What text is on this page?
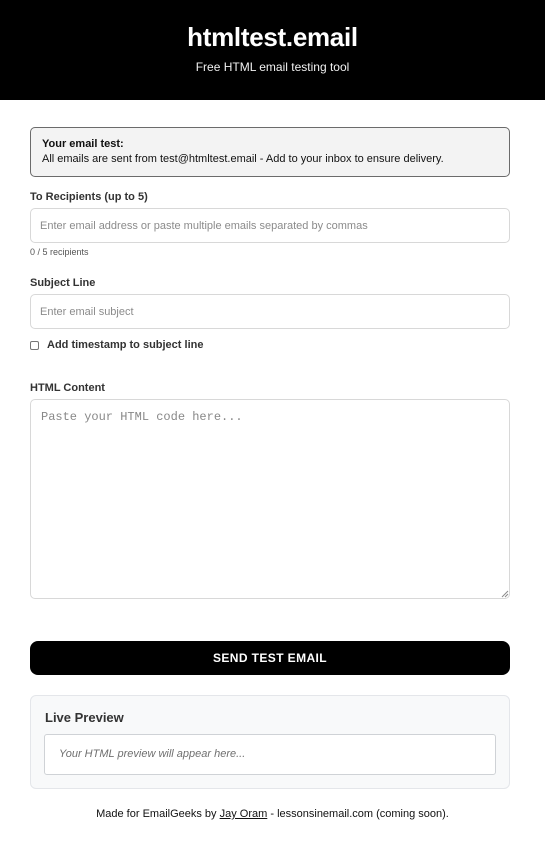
htmltest.email
Free HTML email testing tool
Your email test:
All emails are sent from test@htmltest.email - Add to your inbox to ensure delivery.
To Recipients (up to 5)
Enter email address or paste multiple emails separated by commas
0 / 5 recipients
Subject Line
Enter email subject
Add timestamp to subject line
HTML Content
Paste your HTML code here...
SEND TEST EMAIL
Live Preview
Your HTML preview will appear here...
Made for EmailGeeks by Jay Oram - lessonsinemail.com (coming soon).
